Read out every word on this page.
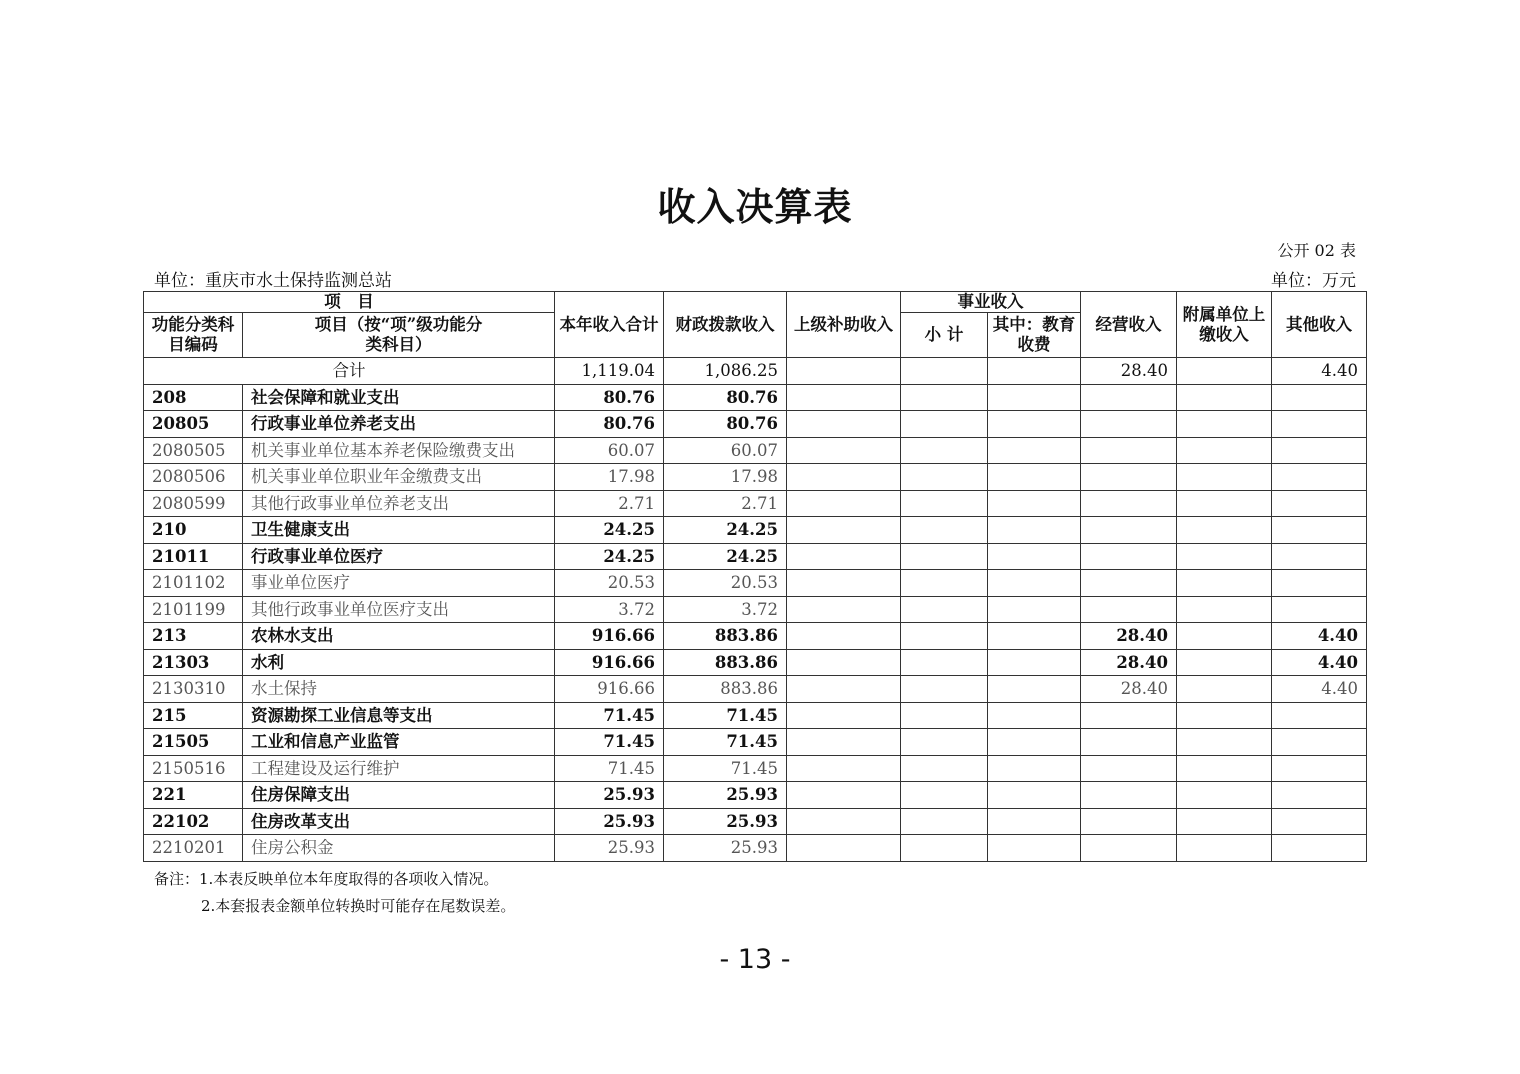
收入决算表
公开 02 表
单位：重庆市水土保持监测总站	单位：万元
项　目		本年收入合计	财政拨款收入	上级补助收入	事业收入		经营收入	附属单位上缴收入	其他收入
功能分类科目编码	项目（按“项”级功能分类科目）				小 计	其中：教育收费			
合计		1,119.04	1,086.25				28.40		4.40
208	社会保障和就业支出	80.76	80.76						
20805	行政事业单位养老支出	80.76	80.76						
2080505	机关事业单位基本养老保险缴费支出	60.07	60.07						
2080506	机关事业单位职业年金缴费支出	17.98	17.98						
2080599	其他行政事业单位养老支出	2.71	2.71						
210	卫生健康支出	24.25	24.25						
21011	行政事业单位医疗	24.25	24.25						
2101102	事业单位医疗	20.53	20.53						
2101199	其他行政事业单位医疗支出	3.72	3.72						
213	农林水支出	916.66	883.86				28.40		4.40
21303	水利	916.66	883.86				28.40		4.40
2130310	水土保持	916.66	883.86				28.40		4.40
215	资源勘探工业信息等支出	71.45	71.45						
21505	工业和信息产业监管	71.45	71.45						
2150516	工程建设及运行维护	71.45	71.45						
221	住房保障支出	25.93	25.93						
22102	住房改革支出	25.93	25.93						
2210201	住房公积金	25.93	25.93						
备注：1.本表反映单位本年度取得的各项收入情况。
2.本套报表金额单位转换时可能存在尾数误差。
- 13 -
